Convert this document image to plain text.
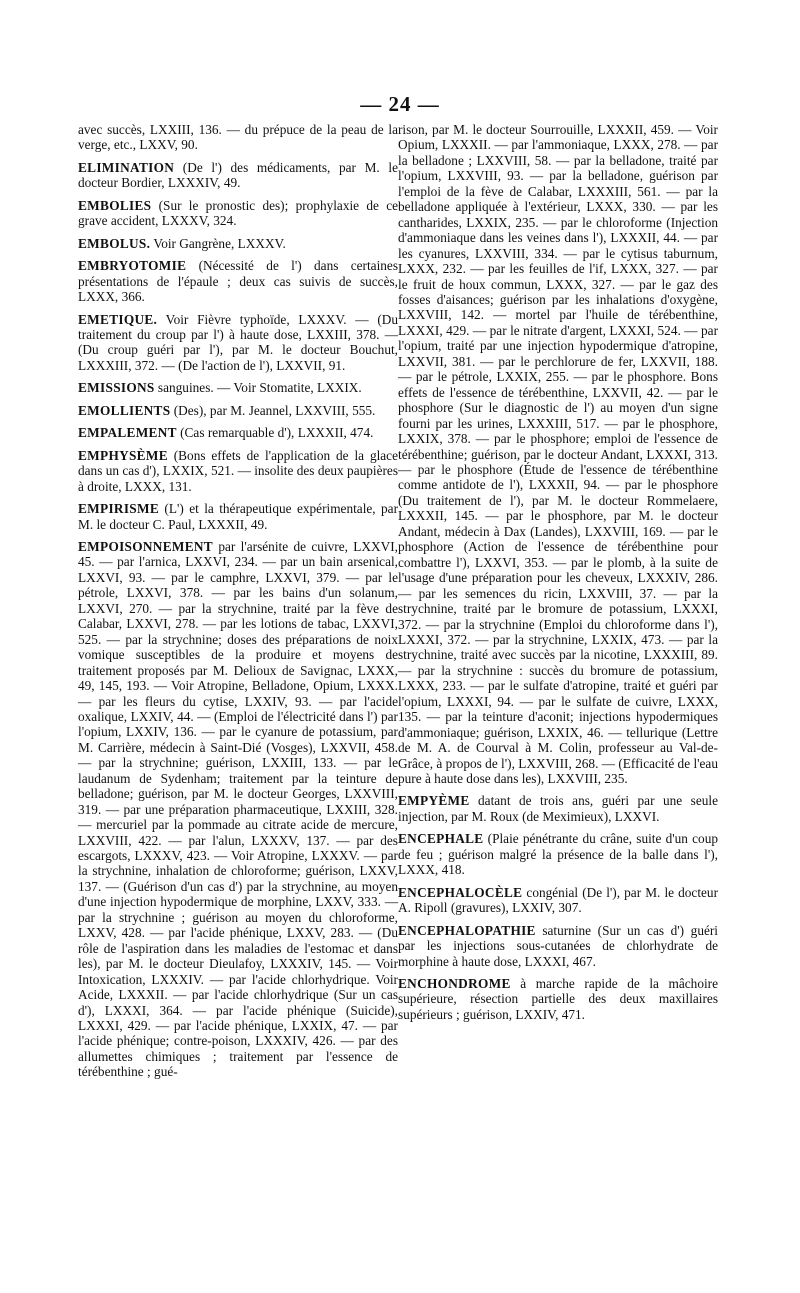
— 24 —

avec succès, LXXIII, 136. — du prépuce de la peau de la verge, etc., LXXV, 90.

ELIMINATION (De l') des médicaments, par M. le docteur Bordier, LXXXIV, 49.

EMBOLIES (Sur le pronostic des); prophylaxie de ce grave accident, LXXXV, 324.

EMBOLUS. Voir Gangrène, LXXXV.

EMBRYOTOMIE (Nécessité de l') dans certaines présentations de l'épaule ; deux cas suivis de succès, LXXX, 366.

EMETIQUE. Voir Fièvre typhoïde, LXXXV. — (Du traitement du croup par l') à haute dose, LXXIII, 378. — (Du croup guéri par l'), par M. le docteur Bouchut, LXXXIII, 372. — (De l'action de l'), LXXVII, 91.

EMISSIONS sanguines. — Voir Stomatite, LXXIX.

EMOLLIENTS (Des), par M. Jeannel, LXXVIII, 555.

EMPALEMENT (Cas remarquable d'), LXXXII, 474.

EMPHYSÈME (Bons effets de l'application de la glace dans un cas d'), LXXIX, 521. — insolite des deux paupières à droite, LXXX, 131.

EMPIRISME (L') et la thérapeutique expérimentale, par M. le docteur C. Paul, LXXXII, 49.

EMPOISONNEMENT par l'arsénite de cuivre, LXXVI, 45. — par l'arnica, LXXVI, 234. — par un bain arsenical, LXXVI, 93. — par le camphre, LXXVI, 379. — par le pétrole, LXXVI, 378. — par les bains d'un solanum, LXXVI, 270. — par la strychnine, traité par la fève de Calabar, LXXVI, 278. — par les lotions de tabac, LXXVI, 525. — par la strychnine; doses des préparations de noix vomique susceptibles de la produire et moyens de traitement proposés par M. Delioux de Savignac, LXXX, 49, 145, 193. — Voir Atropine, Belladone, Opium, LXXX. — par les fleurs du cytise, LXXIV, 93. — par l'acide oxalique, LXXIV, 44. — (Emploi de l'électricité dans l') par l'opium, LXXIV, 136. — par le cyanure de potassium, par M. Carrière, médecin à Saint-Dié (Vosges), LXXVII, 458. — par la strychnine; guérison, LXXIII, 133. — par le laudanum de Sydenham; traitement par la teinture de belladone; guérison, par M. le docteur Georges, LXXVIII, 319. — par une préparation pharmaceutique, LXXIII, 328. — mercuriel par la pommade au citrate acide de mercure, LXXVIII, 422. — par l'alun, LXXXV, 137. — par des escargots, LXXXV, 423. — Voir Atropine, LXXXV. — par la strychnine, inhalation de chloroforme; guérison, LXXV, 137. — (Guérison d'un cas d') par la strychnine, au moyen d'une injection hypodermique de morphine, LXXV, 333. — par la strychnine ; guérison au moyen du chloroforme, LXXV, 428. — par l'acide phénique, LXXV, 283. — (Du rôle de l'aspiration dans les maladies de l'estomac et dans les), par M. le docteur Dieulafoy, LXXXIV, 145. — Voir Intoxication, LXXXIV. — par l'acide chlorhydrique. Voir Acide, LXXXII. — par l'acide chlorhydrique (Sur un cas d'), LXXXI, 364. — par l'acide phénique (Suicide), LXXXI, 429. — par l'acide phénique, LXXIX, 47. — par l'acide phénique; contre-poison, LXXXIV, 426. — par des allumettes chimiques ; traitement par l'essence de térébenthine ; gué-

rison, par M. le docteur Sourrouille, LXXXII, 459. — Voir Opium, LXXXII. — par l'ammoniaque, LXXX, 278. — par la belladone ; LXXVIII, 58. — par la belladone, traité par l'opium, LXXVIII, 93. — par la belladone, guérison par l'emploi de la fève de Calabar, LXXXIII, 561. — par la belladone appliquée à l'extérieur, LXXX, 330. — par les cantharides, LXXIX, 235. — par le chloroforme (Injection d'ammoniaque dans les veines dans l'), LXXXII, 44. — par les cyanures, LXXVIII, 334. — par le cytisus taburnum, LXXX, 232. — par les feuilles de l'if, LXXX, 327. — par le fruit de houx commun, LXXX, 327. — par le gaz des fosses d'aisances; guérison par les inhalations d'oxygène, LXXVIII, 142. — mortel par l'huile de térébenthine, LXXXI, 429. — par le nitrate d'argent, LXXXI, 524. — par l'opium, traité par une injection hypodermique d'atropine, LXXVII, 381. — par le perchlorure de fer, LXXVII, 188. — par le pétrole, LXXIX, 255. — par le phosphore. Bons effets de l'essence de térébenthine, LXXVII, 42. — par le phosphore (Sur le diagnostic de l') au moyen d'un signe fourni par les urines, LXXXIII, 517. — par le phosphore, LXXIX, 378. — par le phosphore; emploi de l'essence de térébenthine; guérison, par le docteur Andant, LXXXI, 313. — par le phosphore (Étude de l'essence de térébenthine comme antidote de l'), LXXXII, 94. — par le phosphore (Du traitement de l'), par M. le docteur Rommelaere, LXXXII, 145. — par le phosphore, par M. le docteur Andant, médecin à Dax (Landes), LXXVIII, 169. — par le phosphore (Action de l'essence de térébenthine pour combattre l'), LXXVI, 353. — par le plomb, à la suite de l'usage d'une préparation pour les cheveux, LXXXIV, 286. — par les semences du ricin, LXXVIII, 37. — par la strychnine, traité par le bromure de potassium, LXXXI, 372. — par la strychnine (Emploi du chloroforme dans l'), LXXXI, 372. — par la strychnine, LXXIX, 473. — par la strychnine, traité avec succès par la nicotine, LXXXIII, 89. — par la strychnine : succès du bromure de potassium, LXXX, 233. — par le sulfate d'atropine, traité et guéri par l'opium, LXXXI, 94. — par le sulfate de cuivre, LXXX, 135. — par la teinture d'aconit; injections hypodermiques d'ammoniaque; guérison, LXXIX, 46. — tellurique (Lettre de M. A. de Courval à M. Colin, professeur au Val-de-Grâce, à propos de l'), LXXVIII, 268. — (Efficacité de l'eau pure à haute dose dans les), LXXVIII, 235.

EMPYÈME datant de trois ans, guéri par une seule injection, par M. Roux (de Meximieux), LXXVI.

ENCEPHALE (Plaie pénétrante du crâne, suite d'un coup de feu ; guérison malgré la présence de la balle dans l'), LXXX, 418.

ENCEPHALOCÈLE congénial (De l'), par M. le docteur A. Ripoll (gravures), LXXIV, 307.

ENCEPHALOPATHIE saturnine (Sur un cas d') guéri par les injections sous-cutanées de chlorhydrate de morphine à haute dose, LXXXI, 467.

ENCHONDROME à marche rapide de la mâchoire supérieure, résection partielle des deux maxillaires supérieurs ; guérison, LXXIV, 471.
